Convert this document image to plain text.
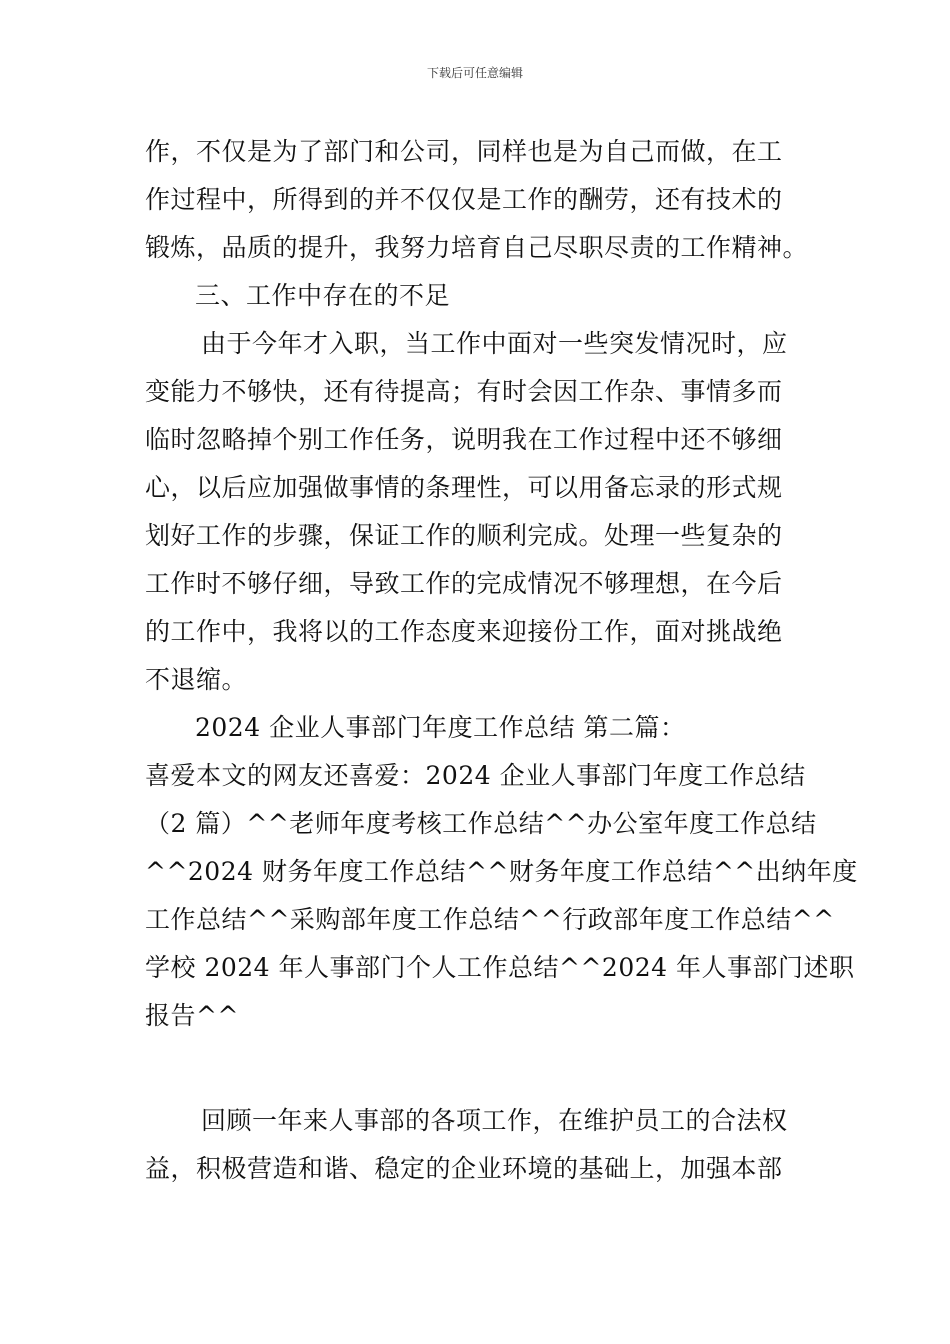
下载后可任意编辑
作，不仅是为了部门和公司，同样也是为自己而做，在工
作过程中，所得到的并不仅仅是工作的酬劳，还有技术的
锻炼，品质的提升，我努力培育自己尽职尽责的工作精神。
三、工作中存在的不足
由于今年才入职，当工作中面对一些突发情况时，应
变能力不够快，还有待提高；有时会因工作杂、事情多而
临时忽略掉个别工作任务，说明我在工作过程中还不够细
心，以后应加强做事情的条理性，可以用备忘录的形式规
划好工作的步骤，保证工作的顺利完成。处理一些复杂的
工作时不够仔细，导致工作的完成情况不够理想，在今后
的工作中，我将以的工作态度来迎接份工作，面对挑战绝
不退缩。
2024 企业人事部门年度工作总结 第二篇：
喜爱本文的网友还喜爱：2024 企业人事部门年度工作总结
（2 篇）^^老师年度考核工作总结^^办公室年度工作总结
^^2024 财务年度工作总结^^财务年度工作总结^^出纳年度
工作总结^^采购部年度工作总结^^行政部年度工作总结^^
学校 2024 年人事部门个人工作总结^^2024 年人事部门述职
报告^^
回顾一年来人事部的各项工作，在维护员工的合法权
益，积极营造和谐、稳定的企业环境的基础上，加强本部
